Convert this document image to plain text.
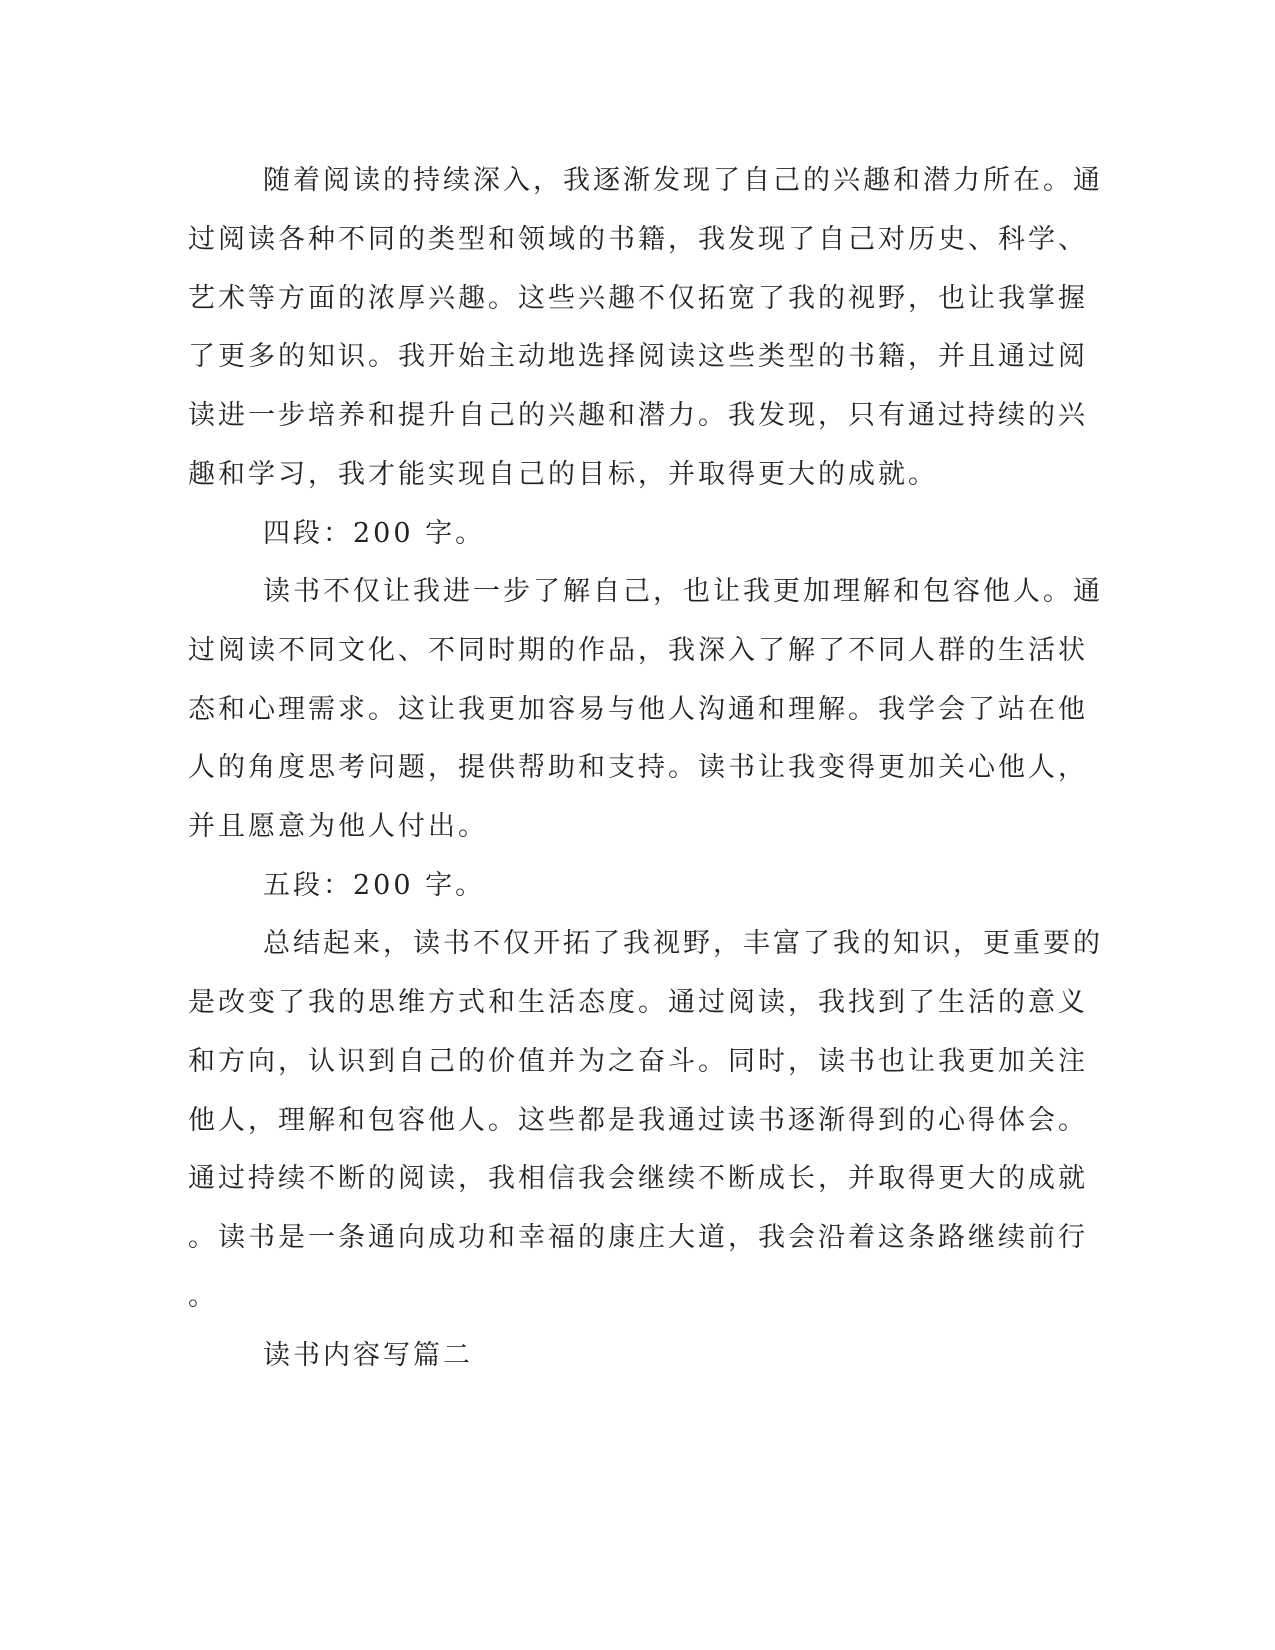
随着阅读的持续深入，我逐渐发现了自己的兴趣和潜力所在。通
过阅读各种不同的类型和领域的书籍，我发现了自己对历史、科学、
艺术等方面的浓厚兴趣。这些兴趣不仅拓宽了我的视野，也让我掌握
了更多的知识。我开始主动地选择阅读这些类型的书籍，并且通过阅
读进一步培养和提升自己的兴趣和潜力。我发现，只有通过持续的兴
趣和学习，我才能实现自己的目标，并取得更大的成就。
四段：200 字。
读书不仅让我进一步了解自己，也让我更加理解和包容他人。通
过阅读不同文化、不同时期的作品，我深入了解了不同人群的生活状
态和心理需求。这让我更加容易与他人沟通和理解。我学会了站在他
人的角度思考问题，提供帮助和支持。读书让我变得更加关心他人，
并且愿意为他人付出。
五段：200 字。
总结起来，读书不仅开拓了我视野，丰富了我的知识，更重要的
是改变了我的思维方式和生活态度。通过阅读，我找到了生活的意义
和方向，认识到自己的价值并为之奋斗。同时，读书也让我更加关注
他人，理解和包容他人。这些都是我通过读书逐渐得到的心得体会。
通过持续不断的阅读，我相信我会继续不断成长，并取得更大的成就
。读书是一条通向成功和幸福的康庄大道，我会沿着这条路继续前行
。
读书内容写篇二
